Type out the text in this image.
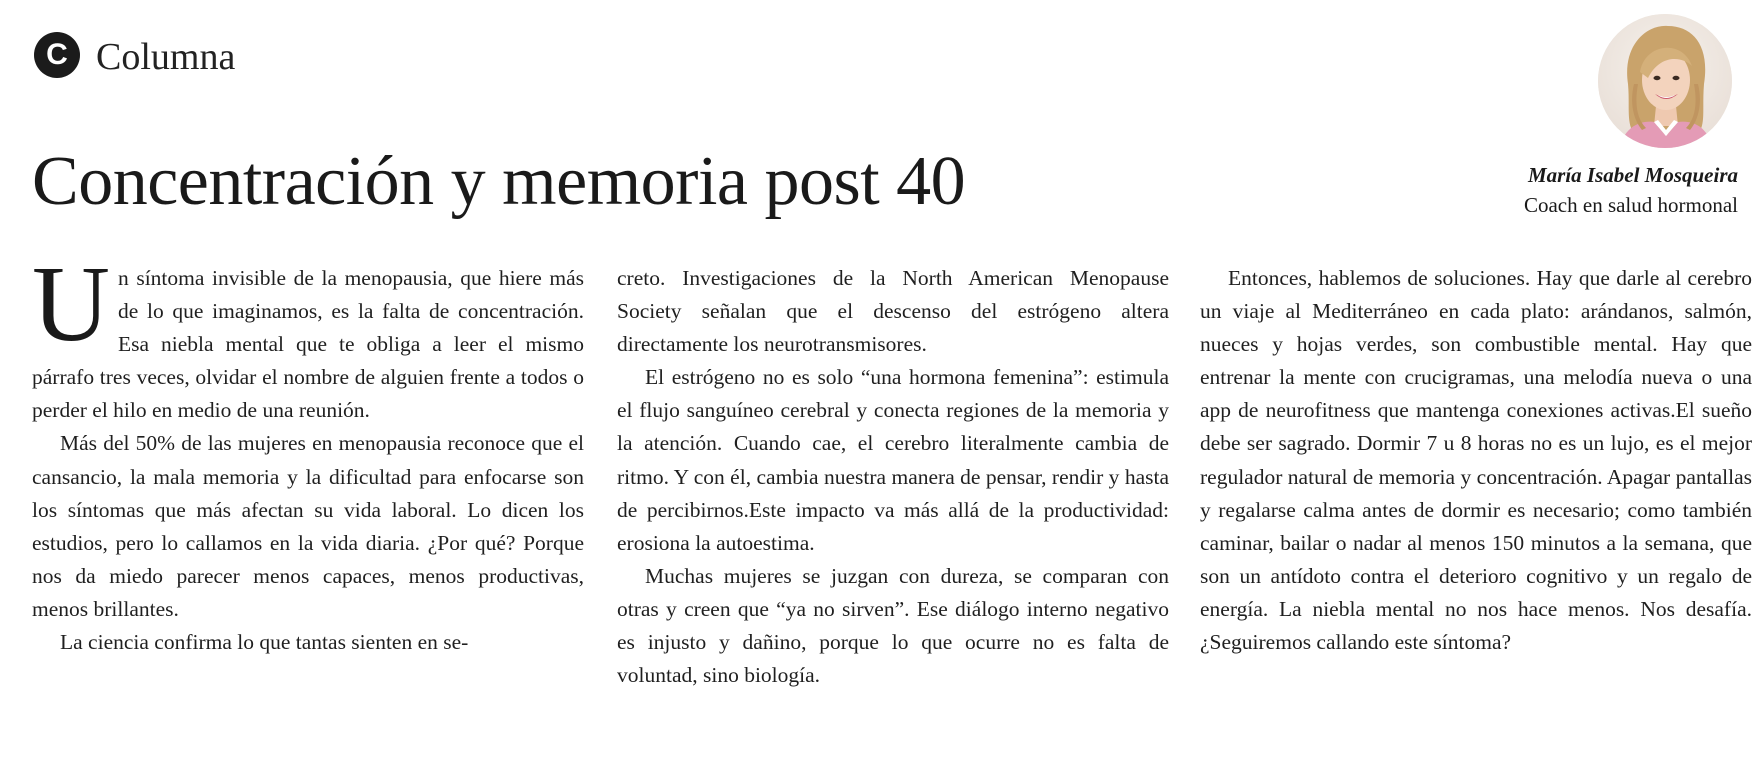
C Columna
Concentración y memoria post 40	María Isabel Mosqueira
Coach en salud hormonal

Un síntoma invisible de la menopausia, que hiere más de lo que imaginamos, es la falta de concentración. Esa niebla mental que te obliga a leer el mismo párrafo tres veces, olvidar el nombre de alguien frente a todos o perder el hilo en medio de una reunión.

Más del 50% de las mujeres en menopausia reconoce que el cansancio, la mala memoria y la dificultad para enfocarse son los síntomas que más afectan su vida laboral. Lo dicen los estudios, pero lo callamos en la vida diaria. ¿Por qué? Porque nos da miedo parecer menos capaces, menos productivas, menos brillantes.

La ciencia confirma lo que tantas sienten en se-

creto. Investigaciones de la North American Menopause Society señalan que el descenso del estrógeno altera directamente los neurotransmisores.

El estrógeno no es solo “una hormona femenina”: estimula el flujo sanguíneo cerebral y conecta regiones de la memoria y la atención. Cuando cae, el cerebro literalmente cambia de ritmo. Y con él, cambia nuestra manera de pensar, rendir y hasta de percibirnos.Este impacto va más allá de la productividad: erosiona la autoestima.

Muchas mujeres se juzgan con dureza, se comparan con otras y creen que “ya no sirven”. Ese diálogo interno negativo es injusto y dañino, porque lo que ocurre no es falta de voluntad, sino biología.

Entonces, hablemos de soluciones. Hay que darle al cerebro un viaje al Mediterráneo en cada plato: arándanos, salmón, nueces y hojas verdes, son combustible mental. Hay que entrenar la mente con crucigramas, una melodía nueva o una app de neurofitness que mantenga conexiones activas.El sueño debe ser sagrado. Dormir 7 u 8 horas no es un lujo, es el mejor regulador natural de memoria y concentración. Apagar pantallas y regalarse calma antes de dormir es necesario; como también caminar, bailar o nadar al menos 150 minutos a la semana, que son un antídoto contra el deterioro cognitivo y un regalo de energía. La niebla mental no nos hace menos. Nos desafía. ¿Seguiremos callando este síntoma?
